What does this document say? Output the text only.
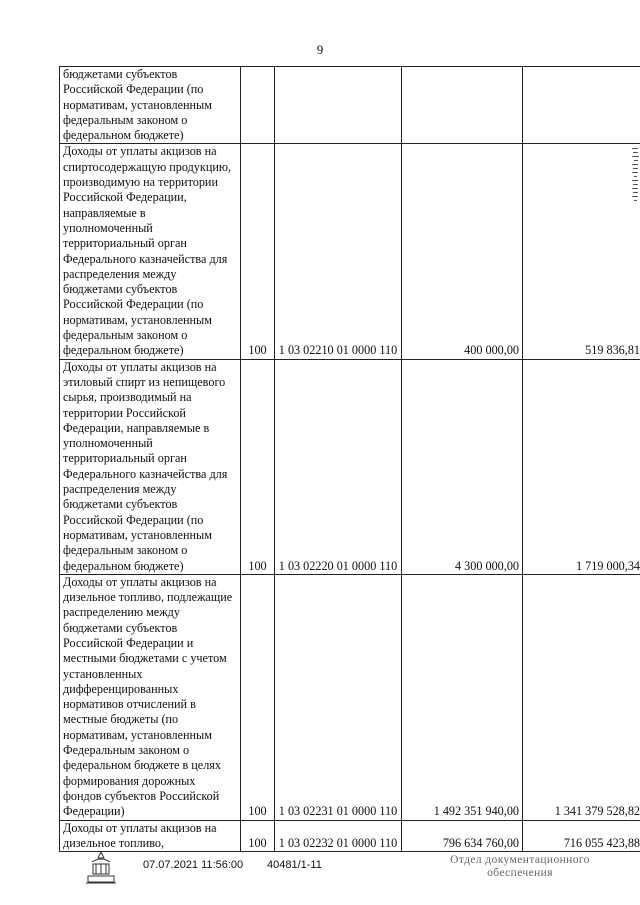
9
бюджетами субъектов Российской Федерации (по нормативам, установленным федеральным законом о федеральном бюджете)				
Доходы от уплаты акцизов на спиртосодержащую продукцию, производимую на территории Российской Федерации, направляемые в уполномоченный территориальный орган Федерального казначейства для распределения между бюджетами субъектов Российской Федерации (по нормативам, установленным федеральным законом о федеральном бюджете)	100	1 03 02210 01 0000 110	400 000,00	519 836,81
Доходы от уплаты акцизов на этиловый спирт из непищевого сырья, производимый на территории Российской Федерации, направляемые в уполномоченный территориальный орган Федерального казначейства для распределения между бюджетами субъектов Российской Федерации (по нормативам, установленным федеральным законом о федеральном бюджете)	100	1 03 02220 01 0000 110	4 300 000,00	1 719 000,34
Доходы от уплаты акцизов на дизельное топливо, подлежащие распределению между бюджетами субъектов Российской Федерации и местными бюджетами с учетом установленных дифференцированных нормативов отчислений в местные бюджеты (по нормативам, установленным Федеральным законом о федеральном бюджете в целях формирования дорожных фондов субъектов Российской Федерации)	100	1 03 02231 01 0000 110	1 492 351 940,00	1 341 379 528,82
Доходы от уплаты акцизов на дизельное топливо,	100	1 03 02232 01 0000 110	796 634 760,00	716 055 423,88
07.07.2021 11:56:00 40481/1-11	Отдел документационного
обеспечения
